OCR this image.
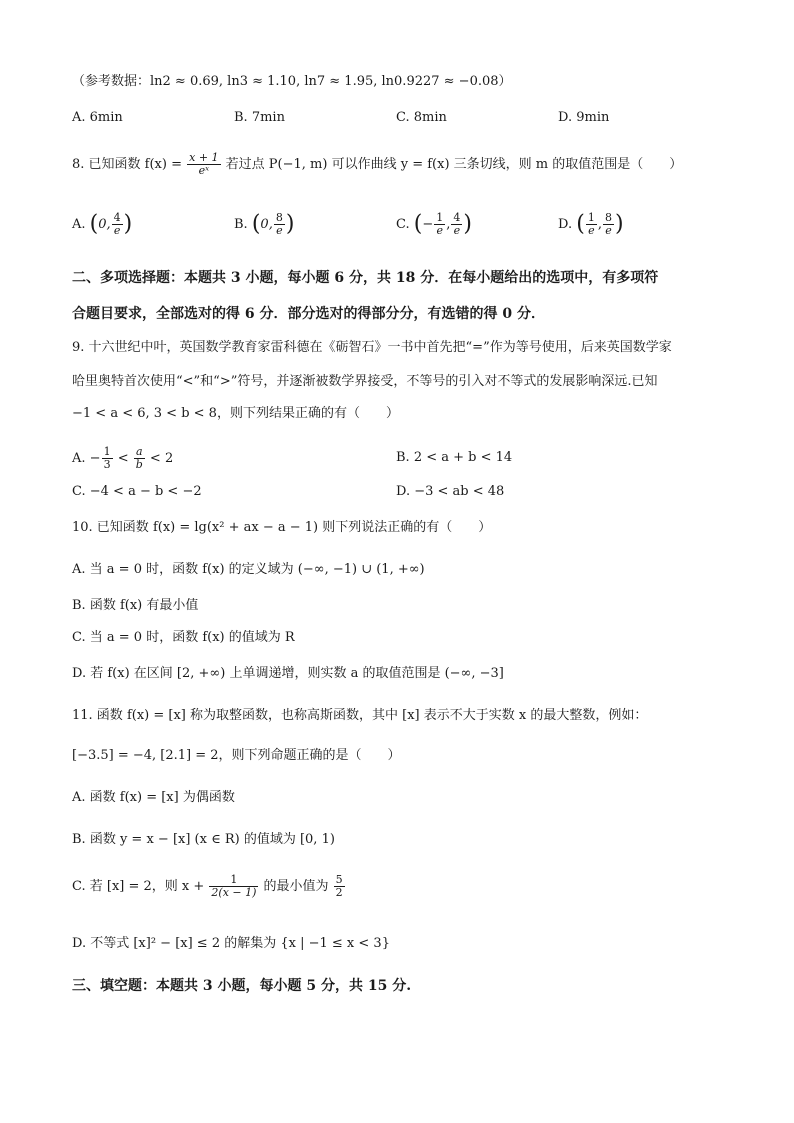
（参考数据：ln2 ≈ 0.69, ln3 ≈ 1.10, ln7 ≈ 1.95, ln0.9227 ≈ −0.08）
A. 6min	B. 7min	C. 8min	D. 9min
8. 已知函数 $f(x) = \frac{x + 1}{\text{eˣ}}$ 若过点 P(−1, m) 可以作曲线 y = f(x) 三条切线，则 m 的取值范围是（　　）
A. (0, $\frac{4}{e}$ )	B. (0, $\frac{8}{e}$ )	C. (− $\frac{1}{e}$ , $\frac{4}{e}$ )	D. ( $\frac{1}{e}$ , $\frac{8}{e}$ )
二、多项选择题：本题共 3 小题，每小题 6 分，共 18 分．在每小题给出的选项中，有多项符
合题目要求，全部选对的得 6 分．部分选对的得部分分，有选错的得 0 分．
9. 十六世纪中叶，英国数学教育家雷科德在《砺智石》一书中首先把“=”作为等号使用，后来英国数学家
哈里奥特首次使用“<”和“>”符号，并逐渐被数学界接受，不等号的引入对不等式的发展影响深远.已知
−1 < a < 6, 3 < b < 8，则下列结果正确的有（　　）
A. − $\frac{1}{3} < \frac{a}{b} < 2$	B. 2 < a + b < 14
C. −4 < a − b < −2	D. −3 < ab < 48
10. 已知函数 f(x) = lg(x² + ax − a − 1) 则下列说法正确的有（　　）
A. 当 a = 0 时，函数 f(x) 的定义域为 (−∞, −1) ∪ (1, +∞)
B. 函数 f(x) 有最小值
C. 当 a = 0 时，函数 f(x) 的值域为 R
D. 若 f(x) 在区间 [2, +∞) 上单调递增，则实数 a 的取值范围是 (−∞, −3]
11. 函数 f(x) = [x] 称为取整函数，也称高斯函数，其中 [x] 表示不大于实数 x 的最大整数，例如：
[−3.5] = −4, [2.1] = 2，则下列命题正确的是（　　）
A. 函数 f(x) = [x] 为偶函数
B. 函数 y = x − [x] (x ∈ R) 的值域为 [0, 1)
C. 若 [x] = 2，则 $x + \frac{1}{2(x - 1)}$ 的最小值为 $\frac{5}{2}$
D. 不等式 [x]² − [x] ≤ 2 的解集为 {x | −1 ≤ x < 3}
三、填空题：本题共 3 小题，每小题 5 分，共 15 分.
